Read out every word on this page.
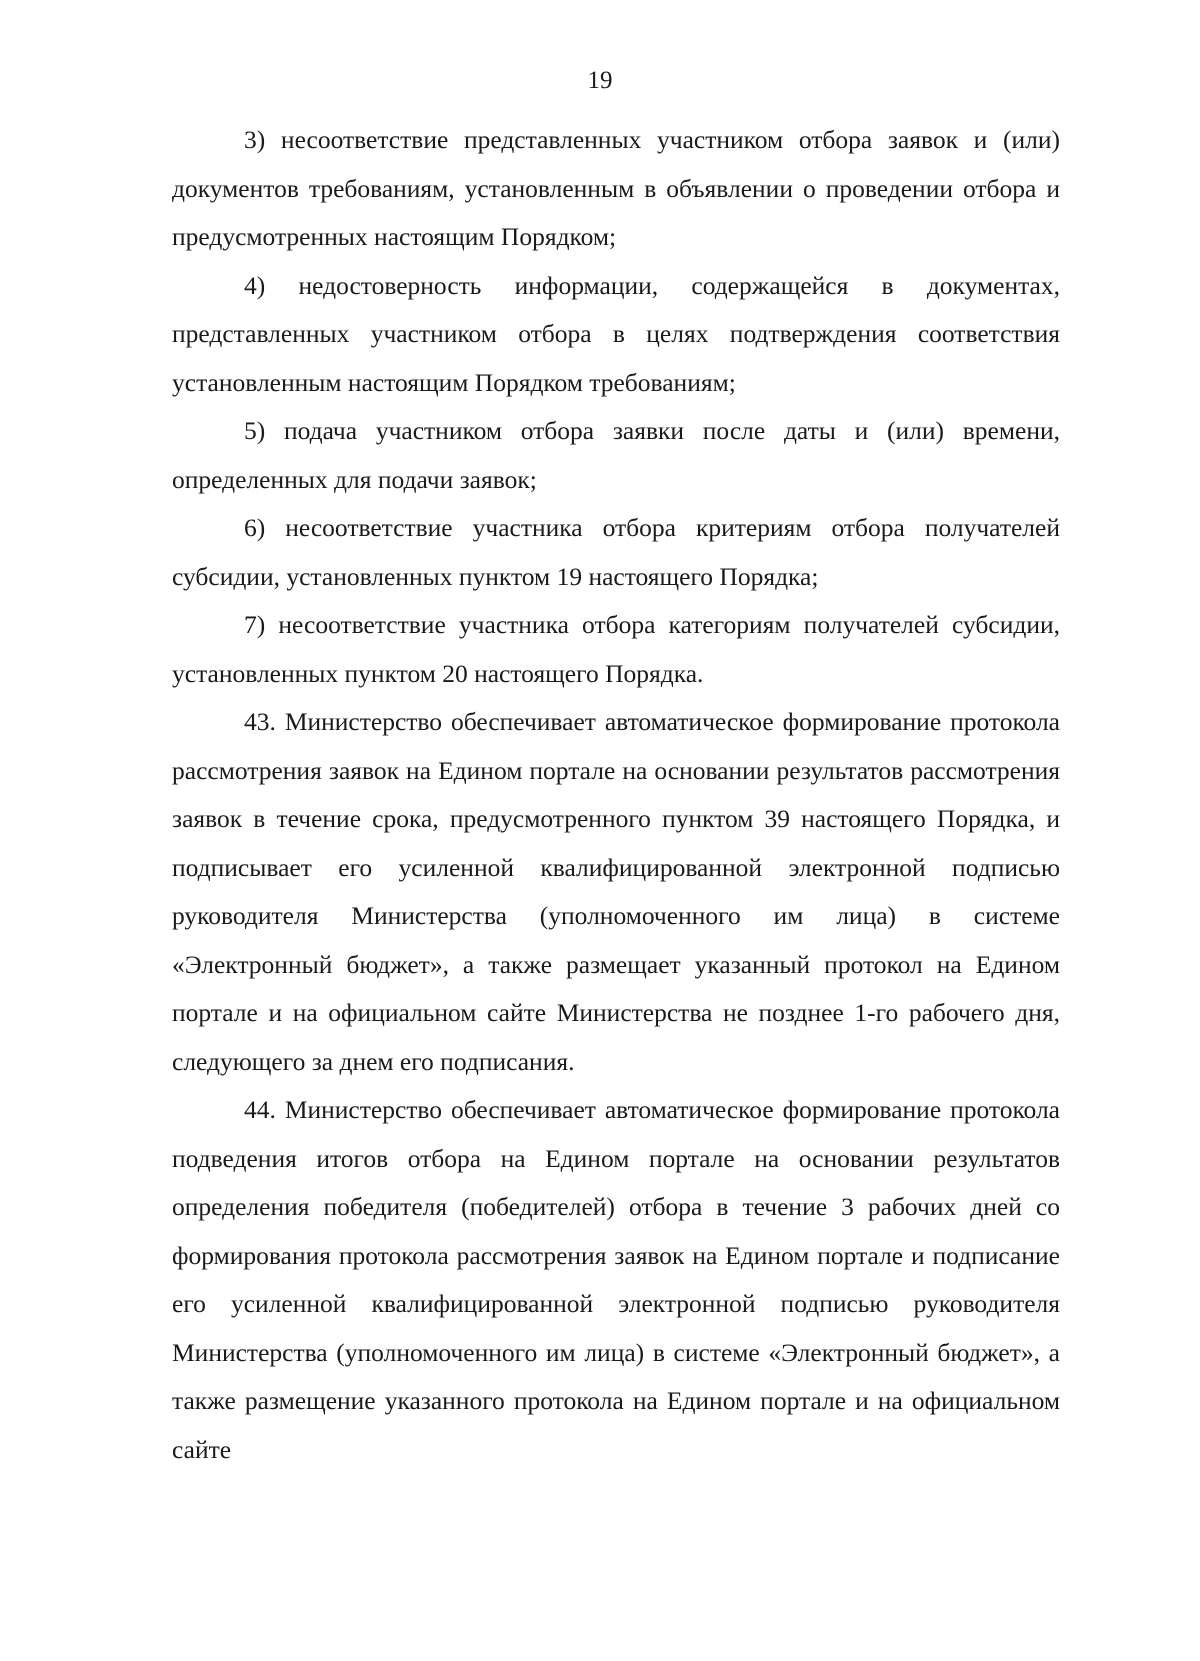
19

3) несоответствие представленных участником отбора заявок и (или) документов требованиям, установленным в объявлении о проведении отбора и предусмотренных настоящим Порядком;

4) недостоверность информации, содержащейся в документах, представленных участником отбора в целях подтверждения соответствия установленным настоящим Порядком требованиям;

5) подача участником отбора заявки после даты и (или) времени, определенных для подачи заявок;

6) несоответствие участника отбора критериям отбора получателей субсидии, установленных пунктом 19 настоящего Порядка;

7) несоответствие участника отбора категориям получателей субсидии, установленных пунктом 20 настоящего Порядка.

43. Министерство обеспечивает автоматическое формирование протокола рассмотрения заявок на Едином портале на основании результатов рассмотрения заявок в течение срока, предусмотренного пунктом 39 настоящего Порядка, и подписывает его усиленной квалифицированной электронной подписью руководителя Министерства (уполномоченного им лица) в системе «Электронный бюджет», а также размещает указанный протокол на Едином портале и на официальном сайте Министерства не позднее 1-го рабочего дня, следующего за днем его подписания.

44. Министерство обеспечивает автоматическое формирование протокола подведения итогов отбора на Едином портале на основании результатов определения победителя (победителей) отбора в течение 3 рабочих дней со формирования протокола рассмотрения заявок на Едином портале и подписание его усиленной квалифицированной электронной подписью руководителя Министерства (уполномоченного им лица) в системе «Электронный бюджет», а также размещение указанного протокола на Едином портале и на официальном сайте
